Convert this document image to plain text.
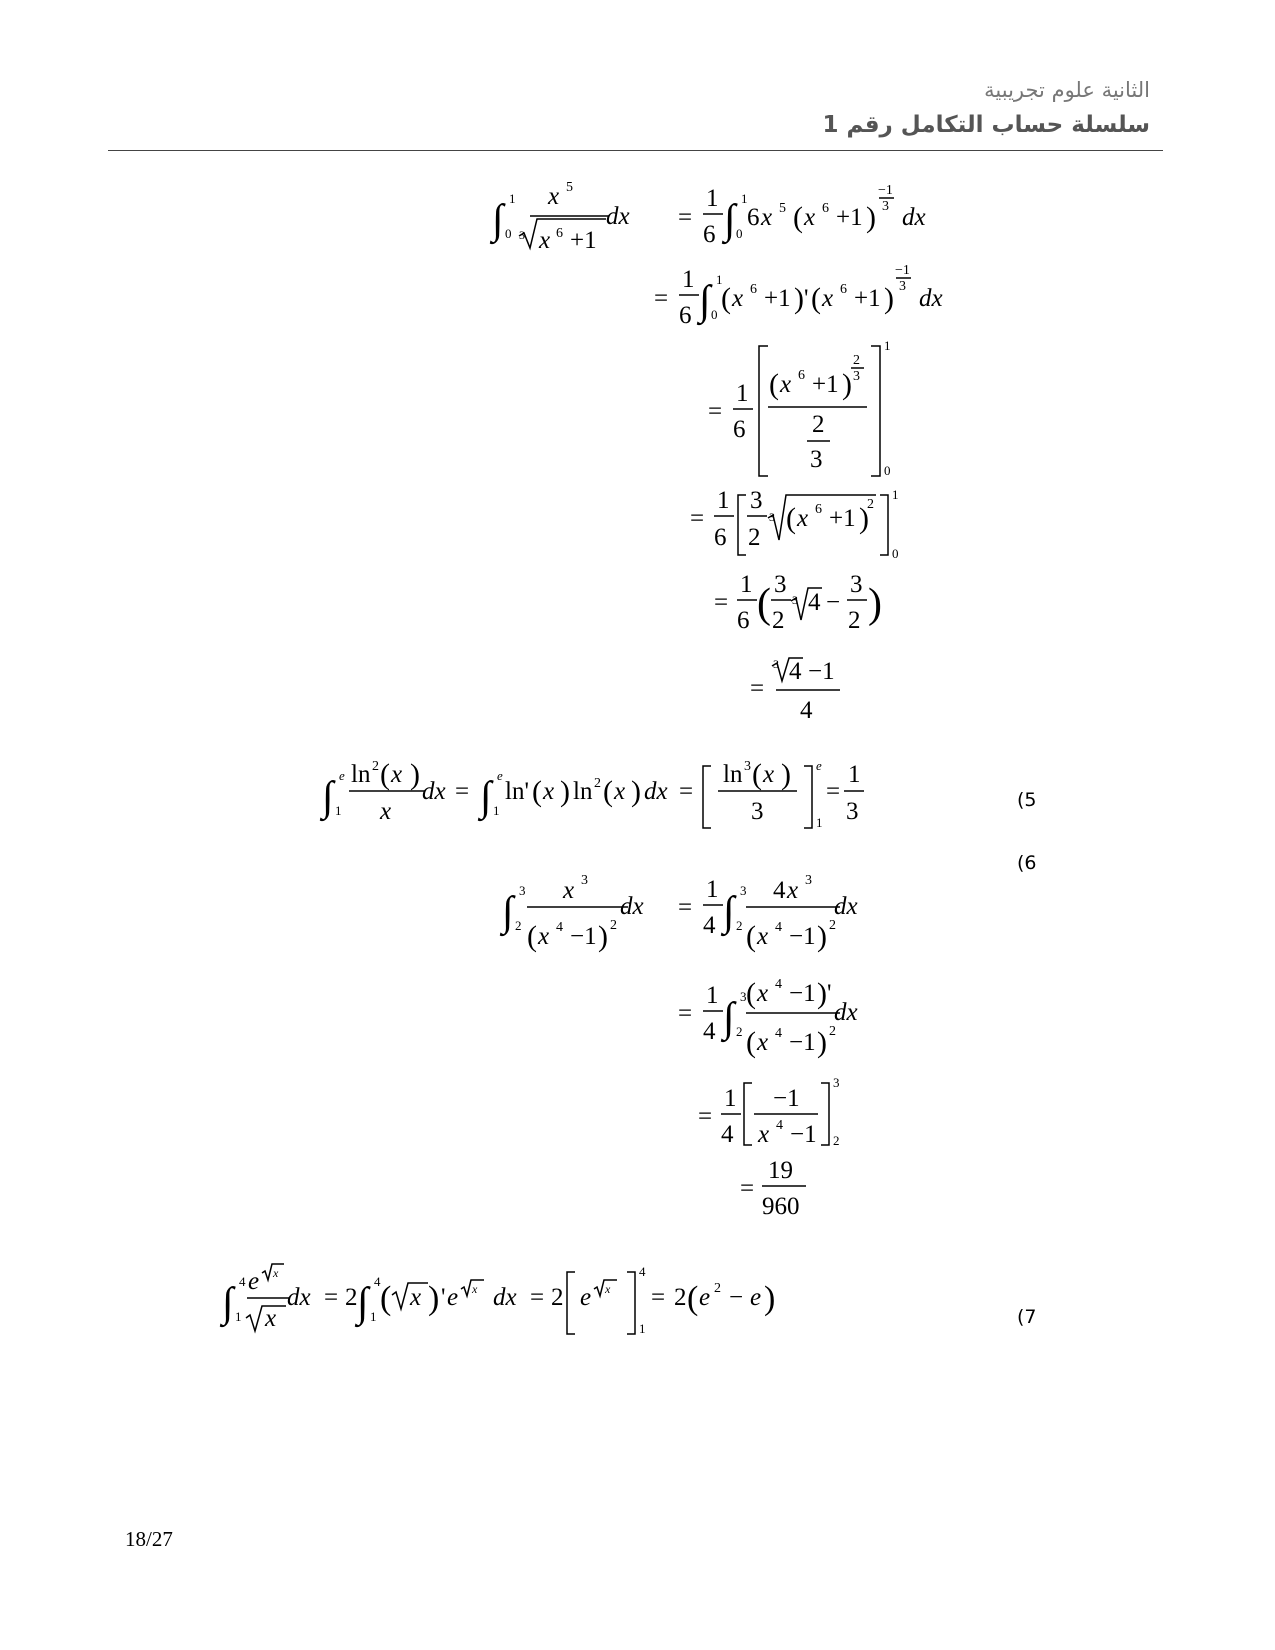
الثانية علوم تجريبية
سلسلة حساب التكامل رقم 1
(5
(6
(7
∫ 1
0
x 5
3 x 6 +1
dx =
1
6 ∫ 1
0
6 x 5 ( x 6 +1 )
−1
3 dx
=
1
6 ∫ 1
0 ( x 6 +1 ) ' ( x 6 +1 )
−1
3 dx
=
1
6
( x 6 +1 )
2
3
2
3
1
0
=
1
6
3
2
3 ( x 6 +1 )
2
1
0
=
1
6 ( 3
2
3 4 −
3
2 )
=
3 4 −1
4
∫ e
1
ln 2 ( x )
x
dx = ∫ e
1
ln' ( x ) ln 2 ( x ) dx =
ln 3 ( x )
3
e
1
=
1
3
∫ 3
2
x 3
( x 4 −1 ) 2
dx =
1
4 ∫ 3
2
4 x 3
( x 4 −1 ) 2
dx
=
1
4 ∫ 3
2
( x 4 −1 ) '
( x 4 −1 ) 2
dx
=
1
4
−1
x 4 −1
3
2
=
19
960
∫ 4
1
e x
x
dx = 2 ∫ 4
1 ( x ) ' e x dx = 2 e x
4
1
= 2 ( e 2 − e )
18/27
